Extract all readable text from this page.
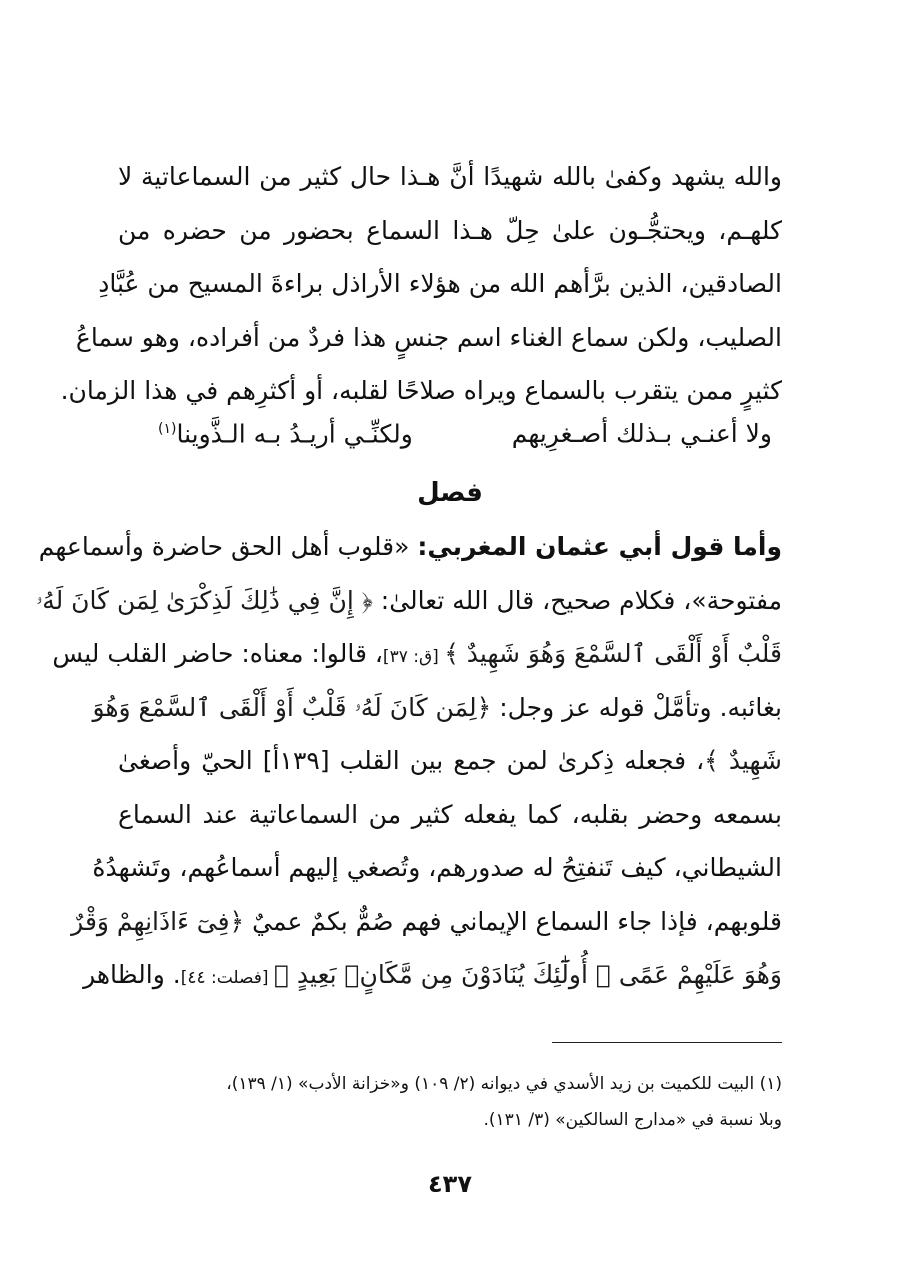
والله يشهد وكفىٰ بالله شهيدًا أنَّ هـذا حال كثير من السماعاتية لا
كلهـم، ويحتجُّـون علىٰ حِلّ هـذا السماع بحضور من حضره من
الصادقين، الذين برَّأهم الله من هؤلاء الأراذل براءةَ المسيح من عُبَّادِ
الصليب، ولكن سماع الغناء اسم جنسٍ هذا فردٌ من أفراده، وهو سماعُ
كثيرٍ ممن يتقرب بالسماع ويراه صلاحًا لقلبه، أو أكثرِهم في هذا الزمان.
ولا أعنـي بـذلك أصـغرِيهم
ولكنِّـي أريـدُ بـه الـذَّوينا$^{(١)}$
فصل
وأما قول أبي عثمان المغربي: «قلوب أهل الحق حاضرة وأسماعهم
مفتوحة»، فكلام صحيح، قال الله تعالىٰ: ﴿ إِنَّ فِي ذَٰلِكَ لَذِكْرَىٰ لِمَن كَانَ لَهُۥ
قَلْبٌ أَوْ أَلْقَى ٱلسَّمْعَ وَهُوَ شَهِيدٌ ﴾ [ق: ٣٧]، قالوا: معناه: حاضر القلب ليس
بغائبه. وتأمَّلْ قوله عز وجل: ﴿لِمَن كَانَ لَهُۥ قَلْبٌ أَوْ أَلْقَى ٱلسَّمْعَ وَهُوَ
شَهِيدٌ ﴾، فجعله ذِكرىٰ لمن جمع بين القلب [١٣٩أ] الحيّ وأصغىٰ
بسمعه وحضر بقلبه، كما يفعله كثير من السماعاتية عند السماع
الشيطاني، كيف تَنفتِحُ له صدورهم، وتُصغي إليهم أسماعُهم، وتَشهدُهُ
قلوبهم، فإذا جاء السماع الإيماني فهم صُمٌّ بكمٌ عميٌ ﴿فِىٓ ءَاذَانِهِمْ وَقْرٌ
وَهُوَ عَلَيْهِمْ عَمًى ۚ أُولَٰٓئِكَ يُنَادَوْنَ مِن مَّكَانٍۭ بَعِيدٍ ﴾ [فصلت: ٤٤]. والظاهر
(١) البيت للكميت بن زيد الأسدي في ديوانه (٢/ ١٠٩) و«خزانة الأدب» (١/ ١٣٩)،
وبلا نسبة في «مدارج السالكين» (٣/ ١٣١).
٤٣٧
